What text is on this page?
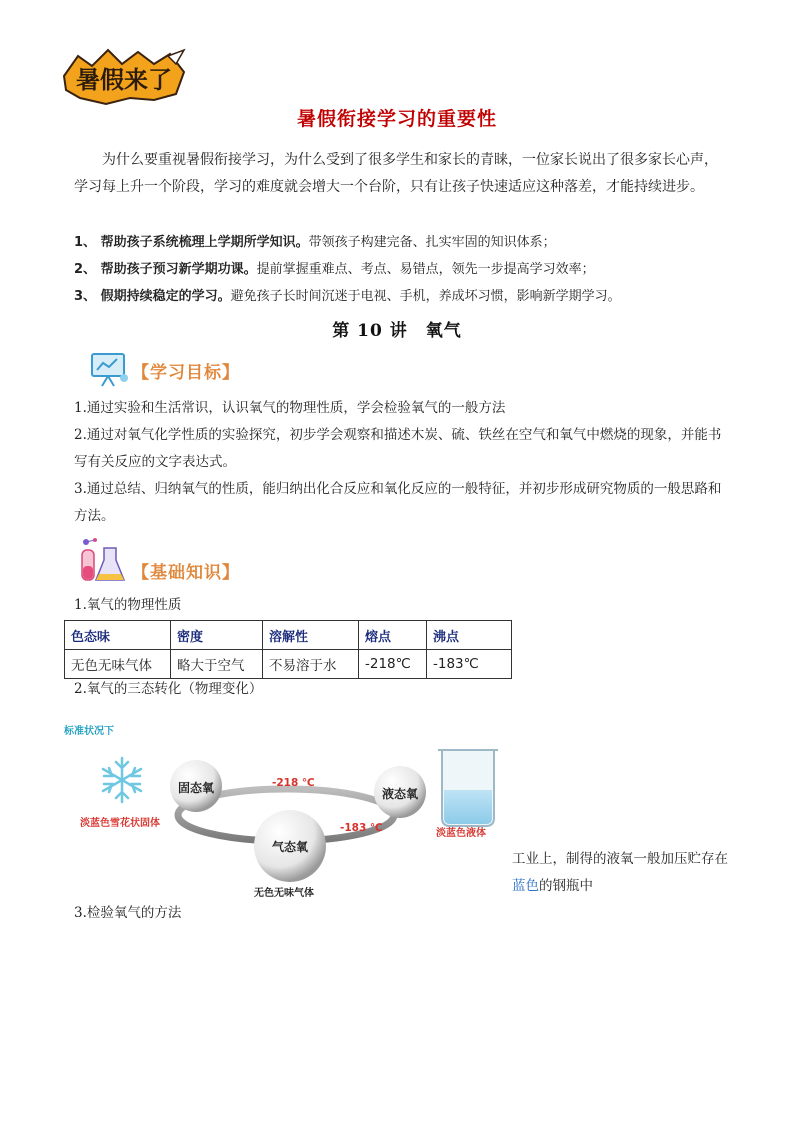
暑假来了
暑假衔接学习的重要性
为什么要重视暑假衔接学习，为什么受到了很多学生和家长的青睐，一位家长说出了很多家长心声，学习每上升一个阶段，学习的难度就会增大一个台阶，只有让孩子快速适应这种落差，才能持续进步。
1、 帮助孩子系统梳理上学期所学知识。带领孩子构建完备、扎实牢固的知识体系；
2、 帮助孩子预习新学期功课。提前掌握重难点、考点、易错点，领先一步提高学习效率；
3、 假期持续稳定的学习。避免孩子长时间沉迷于电视、手机，养成坏习惯，影响新学期学习。
第 10 讲　氧气
【学习目标】
1.通过实验和生活常识，认识氧气的物理性质，学会检验氧气的一般方法
2.通过对氧气化学性质的实验探究，初步学会观察和描述木炭、硫、铁丝在空气和氧气中燃烧的现象，并能书写有关反应的文字表达式。
3.通过总结、归纳氧气的性质，能归纳出化合反应和氧化反应的一般特征，并初步形成研究物质的一般思路和方法。
【基础知识】
1.氧气的物理性质
色态味	密度	溶解性	熔点	沸点
无色无味气体	略大于空气	不易溶于水	-218℃	-183℃
2.氧气的三态转化（物理变化）
标准状况下
固态氧	液态氧
气态氧
-218 ℃
-183 ℃
淡蓝色雪花状固体
淡蓝色液体
无色无味气体
工业上，制得的液氧一般加压贮存在蓝色的钢瓶中
3.检验氧气的方法
